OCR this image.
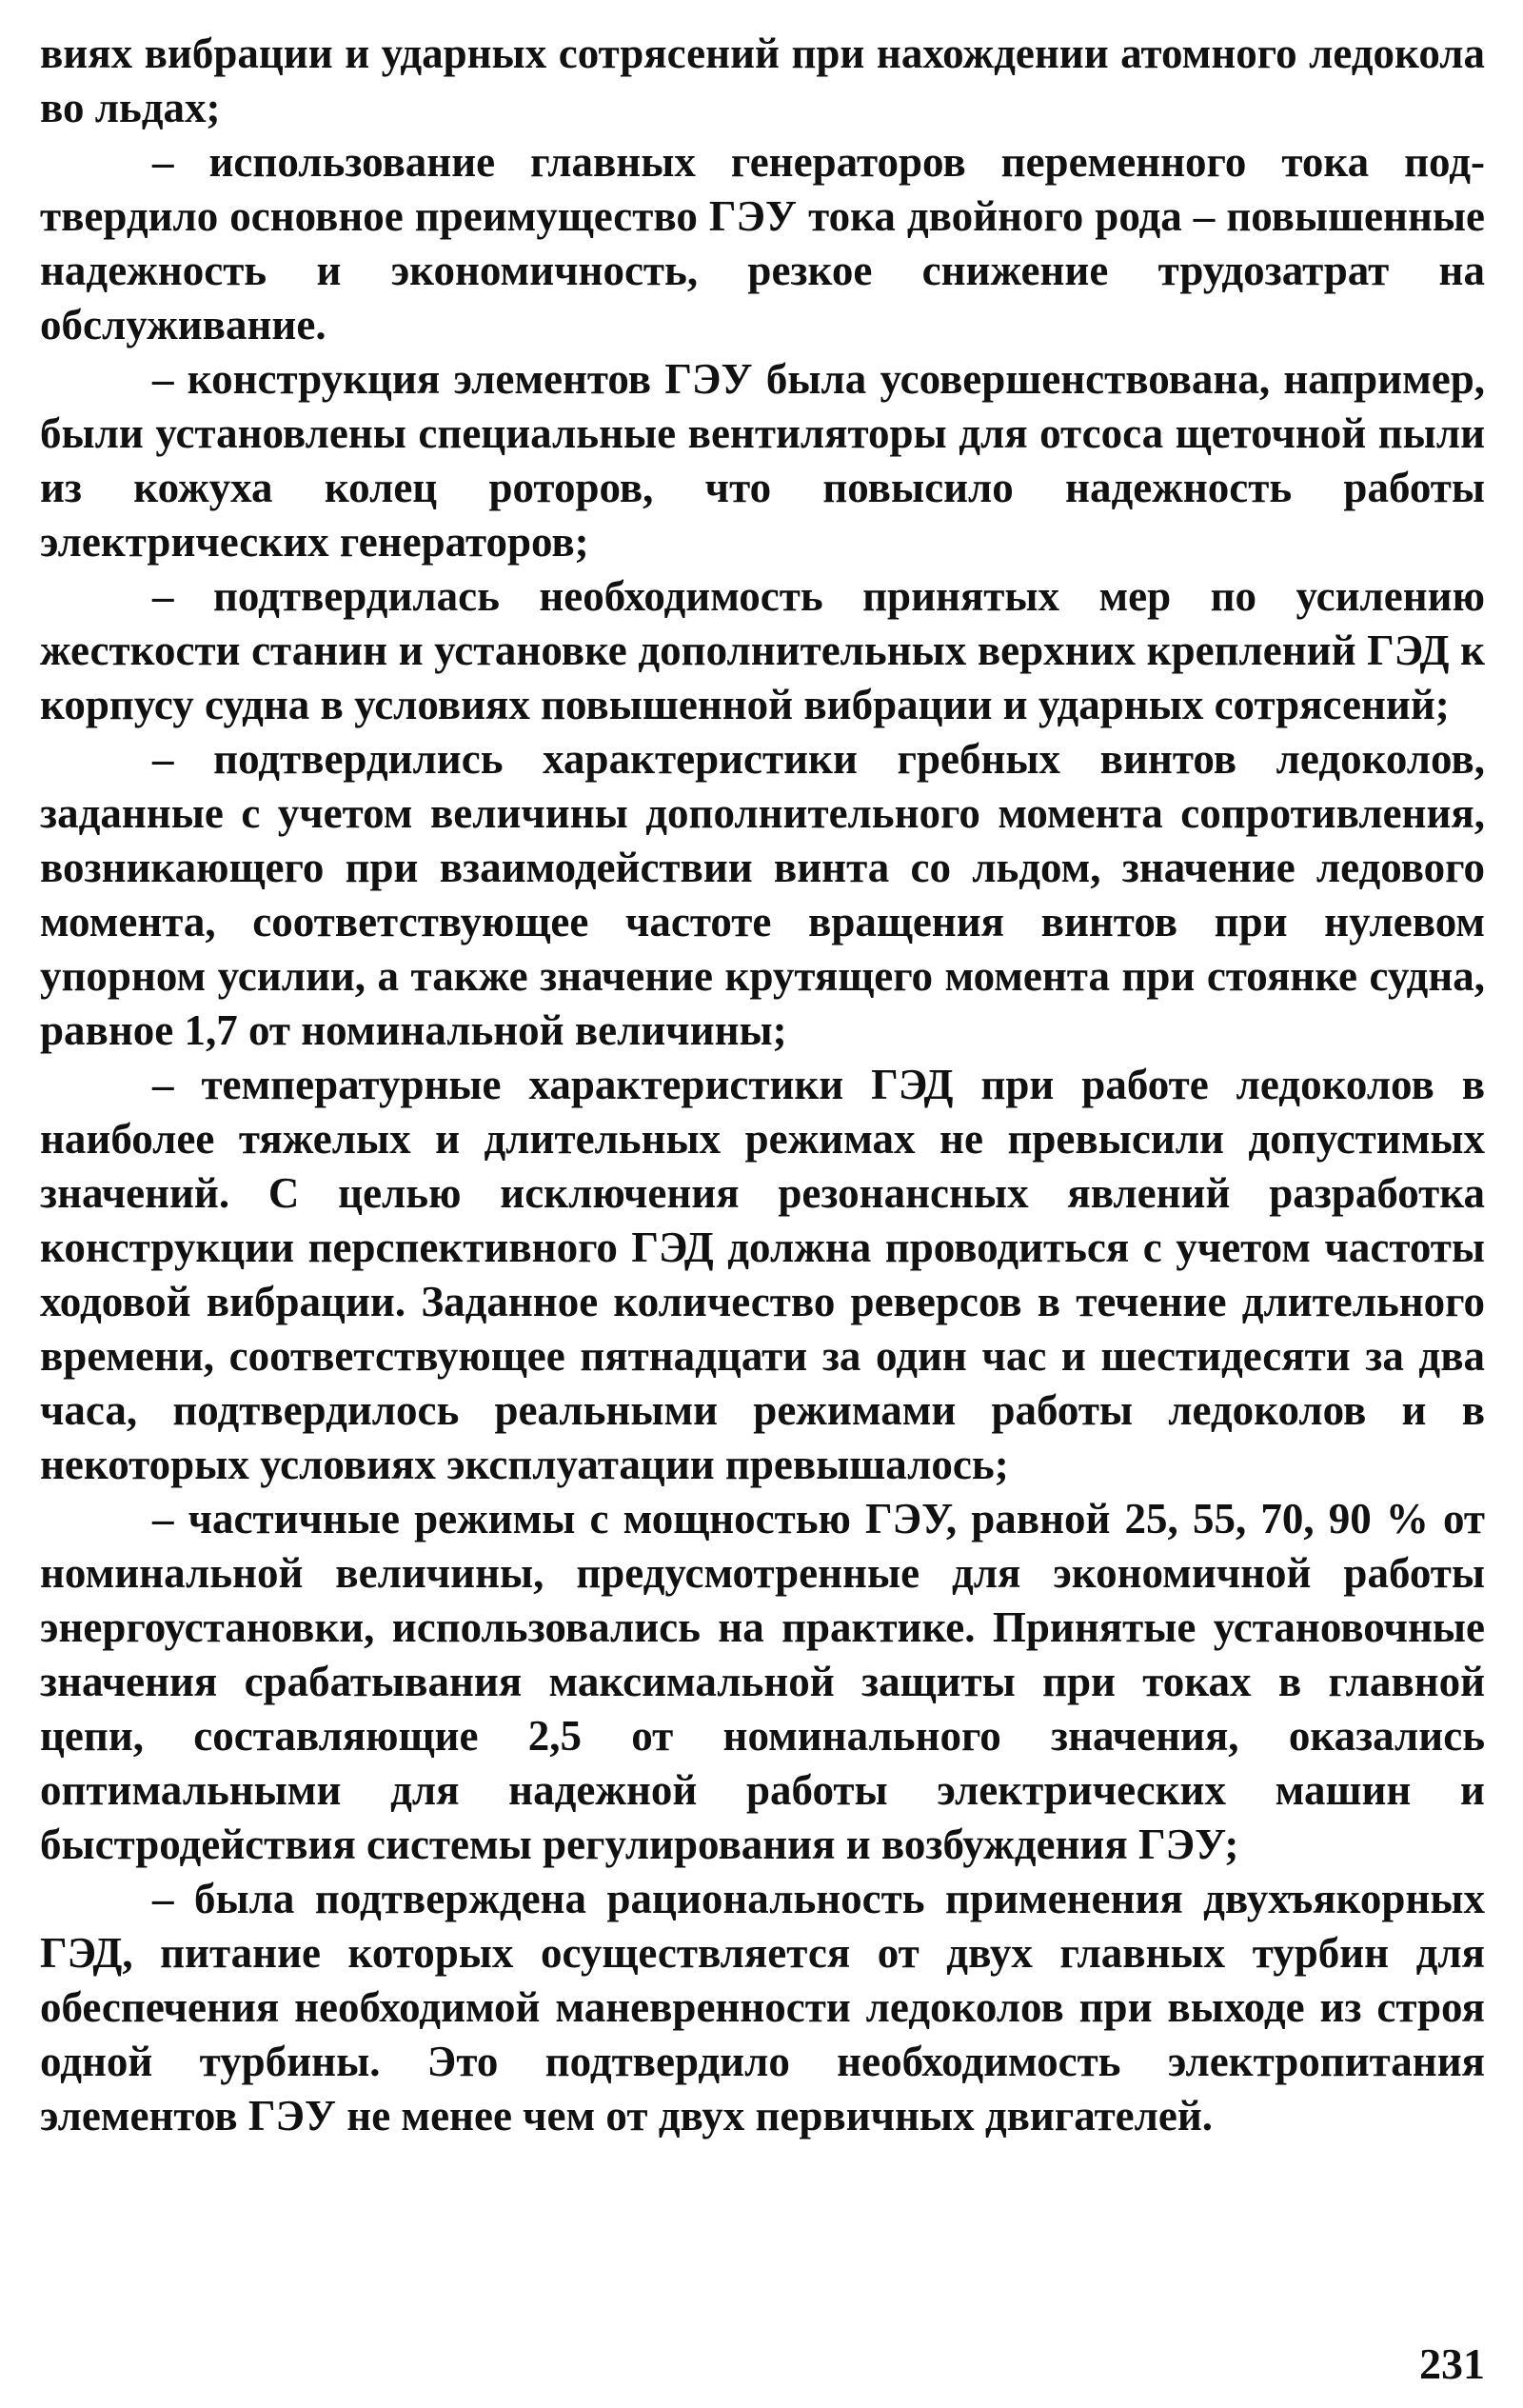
виях вибрации и ударных сотрясений при нахождении атомного ледокола во льдах;

– использование главных генераторов переменного тока подтвердило основное преимущество ГЭУ тока двойного рода – повышенные надежность и экономичность, резкое снижение трудозатрат на обслуживание.

– конструкция элементов ГЭУ была усовершенствована, например, были установлены специальные вентиляторы для отсоса щеточной пыли из кожуха колец роторов, что повысило надежность работы электрических генераторов;

– подтвердилась необходимость принятых мер по усилению жесткости станин и установке дополнительных верхних креплений ГЭД к корпусу судна в условиях повышенной вибрации и ударных сотрясений;

– подтвердились характеристики гребных винтов ледоколов, заданные с учетом величины дополнительного момента сопротивления, возникающего при взаимодействии винта со льдом, значение ледового момента, соответствующее частоте вращения винтов при нулевом упорном усилии, а также значение крутящего момента при стоянке судна, равное 1,7 от номинальной величины;

– температурные характеристики ГЭД при работе ледоколов в наиболее тяжелых и длительных режимах не превысили допустимых значений. С целью исключения резонансных явлений разработка конструкции перспективного ГЭД должна проводиться с учетом частоты ходовой вибрации. Заданное количество реверсов в течение длительного времени, соответствующее пятнадцати за один час и шестидесяти за два часа, подтвердилось реальными режимами работы ледоколов и в некоторых условиях эксплуатации превышалось;

– частичные режимы с мощностью ГЭУ, равной 25, 55, 70, 90 % от номинальной величины, предусмотренные для экономичной работы энергоустановки, использовались на практике. Принятые установочные значения срабатывания максимальной защиты при токах в главной цепи, составляющие 2,5 от номинального значения, оказались оптимальными для надежной работы электрических машин и быстродействия системы регулирования и возбуждения ГЭУ;

– была подтверждена рациональность применения двухъякорных ГЭД, питание которых осуществляется от двух главных турбин для обеспечения необходимой маневренности ледоколов при выходе из строя одной турбины. Это подтвердило необходимость электропитания элементов ГЭУ не менее чем от двух первичных двигателей.

231
